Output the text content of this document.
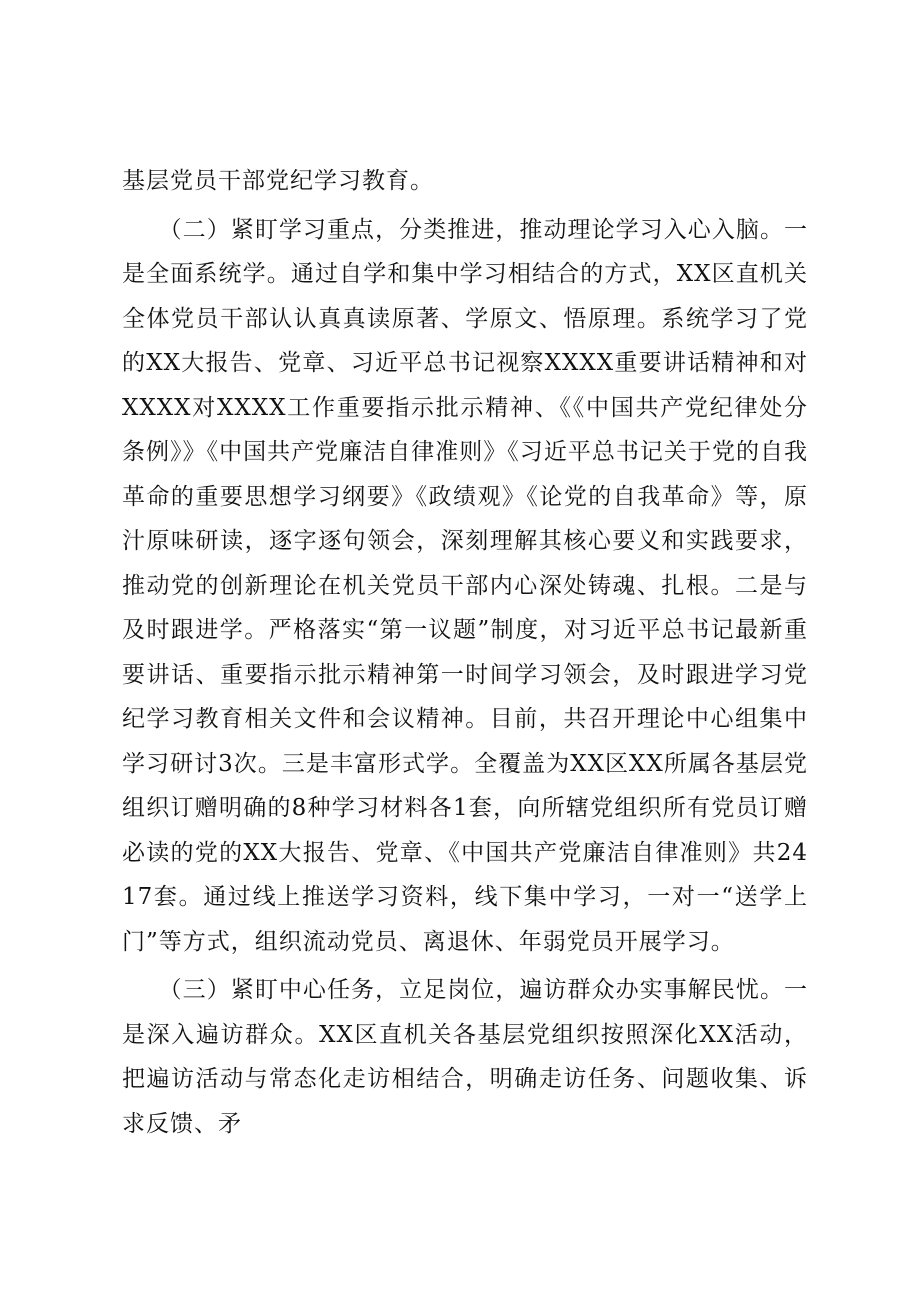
基层党员干部党纪学习教育。

　　（二）紧盯学习重点，分类推进，推动理论学习入心入脑。一是全面系统学。通过自学和集中学习相结合的方式，XX区直机关全体党员干部认认真真读原著、学原文、悟原理。系统学习了党的XX大报告、党章、习近平总书记视察XXXX重要讲话精神和对XXXX对XXXX工作重要指示批示精神、《《中国共产党纪律处分条例》》《中国共产党廉洁自律准则》《习近平总书记关于党的自我革命的重要思想学习纲要》《政绩观》《论党的自我革命》等，原汁原味研读，逐字逐句领会，深刻理解其核心要义和实践要求，推动党的创新理论在机关党员干部内心深处铸魂、扎根。二是与及时跟进学。严格落实“第一议题”制度，对习近平总书记最新重要讲话、重要指示批示精神第一时间学习领会，及时跟进学习党纪学习教育相关文件和会议精神。目前，共召开理论中心组集中学习研讨3次。三是丰富形式学。全覆盖为XX区XX所属各基层党组织订赠明确的8种学习材料各1套，向所辖党组织所有党员订赠必读的党的XX大报告、党章、《中国共产党廉洁自律准则》共2417套。通过线上推送学习资料，线下集中学习，一对一“送学上门”等方式，组织流动党员、离退休、年弱党员开展学习。

　　（三）紧盯中心任务，立足岗位，遍访群众办实事解民忧。一是深入遍访群众。XX区直机关各基层党组织按照深化XX活动，把遍访活动与常态化走访相结合，明确走访任务、问题收集、诉求反馈、矛
